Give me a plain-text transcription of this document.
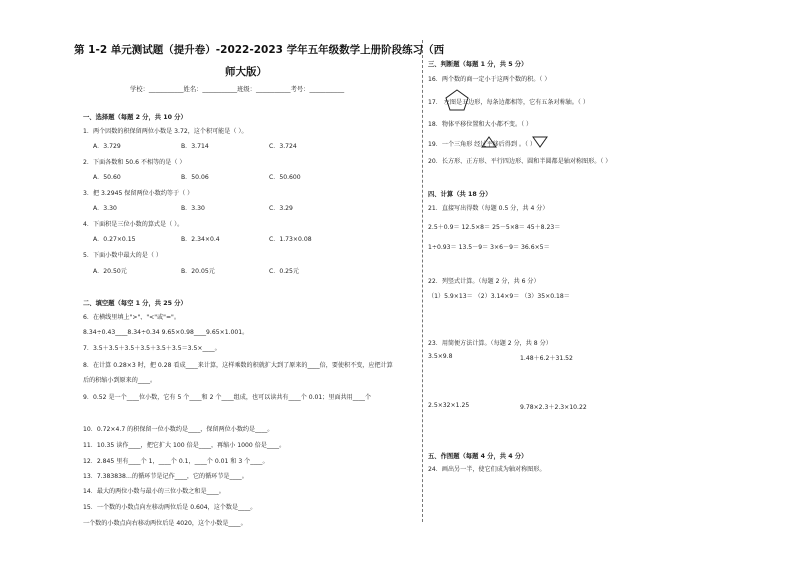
第 1-2 单元测试题（提升卷）-2022-2023 学年五年级数学上册阶段练习（西
师大版）
学校：___________姓名：___________班级：___________考号：___________
一、选择题（每题 2 分，共 10 分）
1．两个因数的积保留两位小数是 3.72，这个积可能是（ ）。
A．3.729	B．3.714	C．3.724
2．下面各数和 50.6 不相等的是（ ）
A．50.60	B．50.06	C．50.600
3．把 3.2945 保留两位小数约等于（ ）
A．3.30	B．3.30	C．3.29
4．下面积是三位小数的算式是（ ）。
A．0.27×0.15	B．2.34×0.4	C．1.73×0.08
5．下面小数中最大的是（ ）
A．20.50元	B．20.05元	C．0.25元
二、填空题（每空 1 分，共 25 分）
6．在横线里填上">"、"<"或"="。
8.34÷0.43____8.34÷0.34 9.65×0.98____9.65×1.001。
7．3.5＋3.5＋3.5＋3.5＋3.5＋3.5＝3.5×____。
8．在计算 0.28×3 时，把 0.28 看成____来计算，这样乘数的积就扩大到了原来的____倍，要使积不变，应把计算
后的积缩小到原来的____。
9．0.52 是一个____位小数，它有 5 个____和 2 个____组成，也可以读共有____个 0.01；里面共用____个
10．0.72×4.7 的积保留一位小数约是____，保留两位小数约是____。
11．10.35 读作____，把它扩大 100 倍是____，再缩小 1000 倍是____。
12．2.845 里有____个 1，____个 0.1，____个 0.01 和 3 个____。
13．7.383838…的循环节是记作____，它的循环节是____。
14．最大的两位小数与最小的三位小数之和是____。
15．一个数的小数点向左移动两位后是 0.604，这个数是____。
一个数的小数点向右移动两位后是 4020，这个小数是____。
三、判断题（每题 1 分，共 5 分）
16．两个数的商一定小于这两个数的积。（ ）
17． 左图是五边形，每条边都相等，它有五条对称轴。（ ）
18．物体平移位置和大小都不变。（ ）
19．一个三角形 经过平移后得到 。（ ）
20．长方形、正方形、平行四边形、圆和半圆都是轴对称图形。（ ）
四、计算（共 18 分）
21．直接写出得数（每题 0.5 分，共 4 分）
2.5＋0.9＝ 12.5×8＝ 25－5×8＝ 45＋8.23＝
1÷0.93＝ 13.5－9＝ 3×6－9＝ 36.6×5＝
22．列竖式计算。（每题 2 分，共 6 分）
（1）5.9×13＝ （2）3.14×9＝ （3）35×0.18＝
23．用简便方法计算。（每题 2 分，共 8 分）
3.5×9.8	1.48＋6.2＋31.52
2.5×32×1.25	9.78×2.3＋2.3×10.22
五、作图题（每题 4 分，共 4 分）
24．画出另一半，使它们成为轴对称图形。
